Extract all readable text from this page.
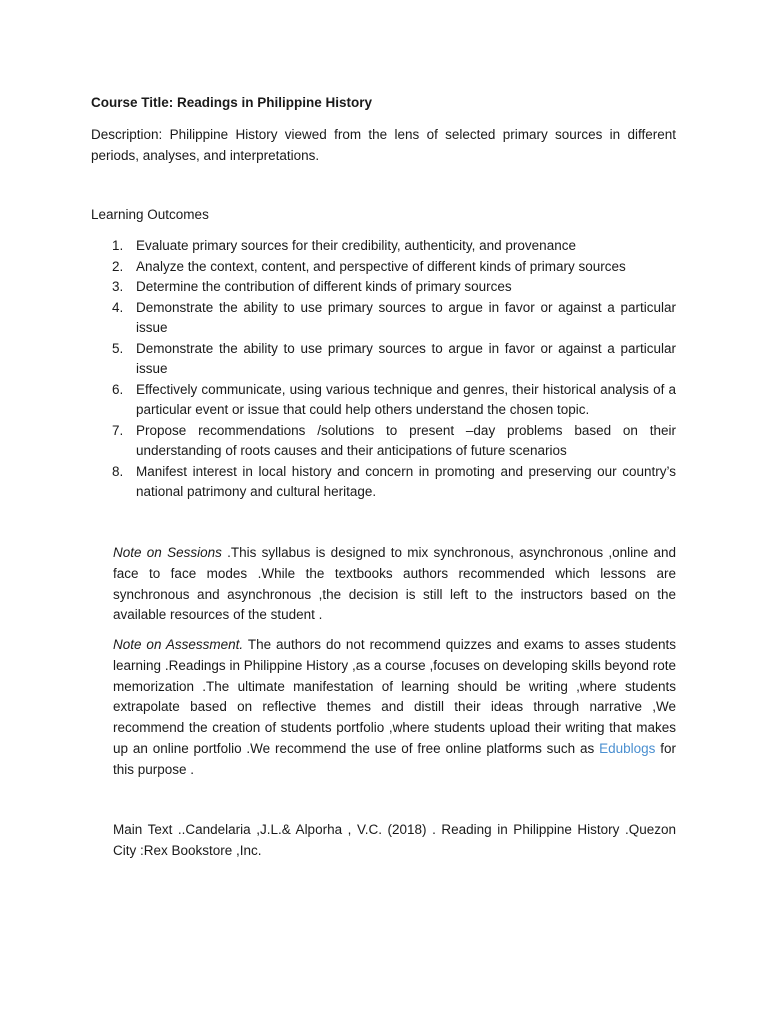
Course Title: Readings in Philippine History

Description: Philippine History viewed from the lens of selected primary sources in different periods, analyses, and interpretations.

Learning Outcomes

1. Evaluate primary sources for their credibility, authenticity, and provenance
2. Analyze the context, content, and perspective of different kinds of primary sources
3. Determine the contribution of different kinds of primary sources
4. Demonstrate the ability to use primary sources to argue in favor or against a particular issue
5. Demonstrate the ability to use primary sources to argue in favor or against a particular issue
6. Effectively communicate, using various technique and genres, their historical analysis of a particular event or issue that could help others understand the chosen topic.
7. Propose recommendations /solutions to present –day problems based on their understanding of roots causes and their anticipations of future scenarios
8. Manifest interest in local history and concern in promoting and preserving our country’s national patrimony and cultural heritage.

Note on Sessions .This syllabus is designed to mix synchronous, asynchronous ,online and face to face modes .While the textbooks authors recommended which lessons are synchronous and asynchronous ,the decision is still left to the instructors based on the available resources of the student .

Note on Assessment. The authors do not recommend quizzes and exams to asses students learning .Readings in Philippine History ,as a course ,focuses on developing skills beyond rote memorization .The ultimate manifestation of learning should be writing ,where students extrapolate based on reflective themes and distill their ideas through narrative ,We recommend the creation of students portfolio ,where students upload their writing that makes up an online portfolio .We recommend the use of free online platforms such as Edublogs for this purpose .

Main Text ..Candelaria ,J.L.& Alporha , V.C. (2018) . Reading in Philippine History .Quezon City :Rex Bookstore ,Inc.
